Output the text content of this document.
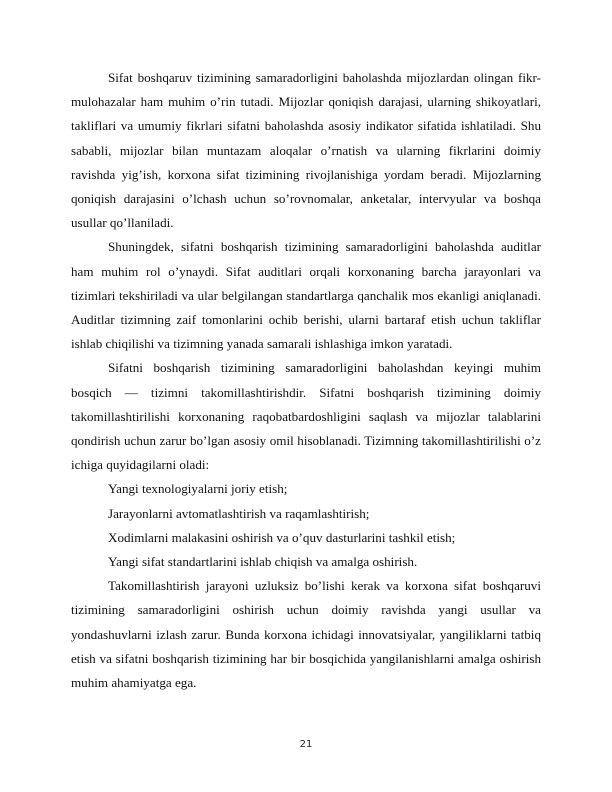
Sifat boshqaruv tizimining samaradorligini baholashda mijozlardan olingan fikr-mulohazalar ham muhim o’rin tutadi. Mijozlar qoniqish darajasi, ularning shikoyatlari, takliflari va umumiy fikrlari sifatni baholashda asosiy indikator sifatida ishlatiladi. Shu sababli, mijozlar bilan muntazam aloqalar o’rnatish va ularning fikrlarini doimiy ravishda yig’ish, korxona sifat tizimining rivojlanishiga yordam beradi. Mijozlarning qoniqish darajasini o’lchash uchun so’rovnomalar, anketalar, intervyular va boshqa usullar qo’llaniladi.

Shuningdek, sifatni boshqarish tizimining samaradorligini baholashda auditlar ham muhim rol o’ynaydi. Sifat auditlari orqali korxonaning barcha jarayonlari va tizimlari tekshiriladi va ular belgilangan standartlarga qanchalik mos ekanligi aniqlanadi. Auditlar tizimning zaif tomonlarini ochib berishi, ularni bartaraf etish uchun takliflar ishlab chiqilishi va tizimning yanada samarali ishlashiga imkon yaratadi.

Sifatni boshqarish tizimining samaradorligini baholashdan keyingi muhim bosqich — tizimni takomillashtirishdir. Sifatni boshqarish tizimining doimiy takomillashtirilishi korxonaning raqobatbardoshligini saqlash va mijozlar talablarini qondirish uchun zarur bo’lgan asosiy omil hisoblanadi. Tizimning takomillashtirilishi o’z ichiga quyidagilarni oladi:

Yangi texnologiyalarni joriy etish;

Jarayonlarni avtomatlashtirish va raqamlashtirish;

Xodimlarni malakasini oshirish va o’quv dasturlarini tashkil etish;

Yangi sifat standartlarini ishlab chiqish va amalga oshirish.

Takomillashtirish jarayoni uzluksiz bo’lishi kerak va korxona sifat boshqaruvi tizimining samaradorligini oshirish uchun doimiy ravishda yangi usullar va yondashuvlarni izlash zarur. Bunda korxona ichidagi innovatsiyalar, yangiliklarni tatbiq etish va sifatni boshqarish tizimining har bir bosqichida yangilanishlarni amalga oshirish muhim ahamiyatga ega.

21
